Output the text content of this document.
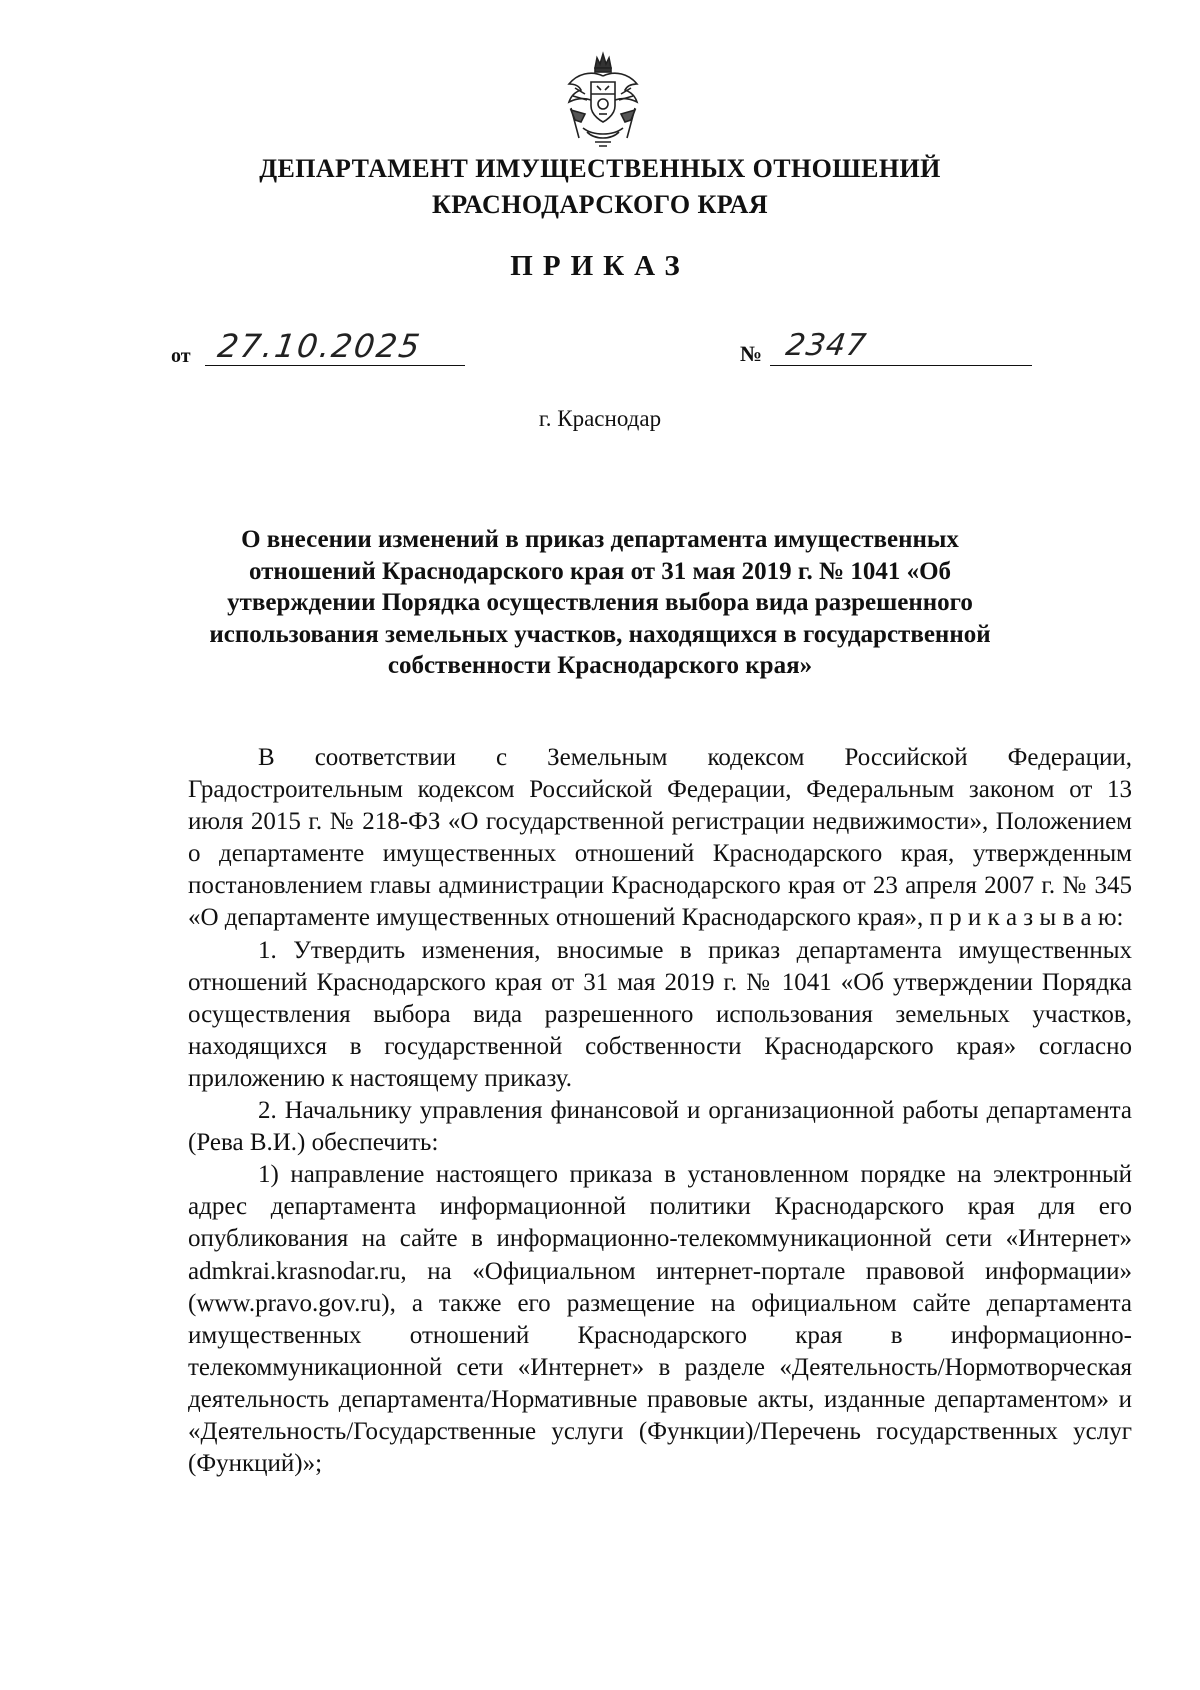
ДЕПАРТАМЕНТ ИМУЩЕСТВЕННЫХ ОТНОШЕНИЙ
КРАСНОДАРСКОГО КРАЯ
ПРИКАЗ
от 27.10.2025	№ 2347
г. Краснодар
О внесении изменений в приказ департамента имущественных отношений Краснодарского края от 31 мая 2019 г. № 1041 «Об утверждении Порядка осуществления выбора вида разрешенного использования земельных участков, находящихся в государственной собственности Краснодарского края»

В соответствии с Земельным кодексом Российской Федерации, Градостроительным кодексом Российской Федерации, Федеральным законом от 13 июля 2015 г. № 218-ФЗ «О государственной регистрации недвижимости», Положением о департаменте имущественных отношений Краснодарского края, утвержденным постановлением главы администрации Краснодарского края от 23 апреля 2007 г. № 345 «О департаменте имущественных отношений Краснодарского края», п р и к а з ы в а ю:

1. Утвердить изменения, вносимые в приказ департамента имущественных отношений Краснодарского края от 31 мая 2019 г. № 1041 «Об утверждении Порядка осуществления выбора вида разрешенного использования земельных участков, находящихся в государственной собственности Краснодарского края» согласно приложению к настоящему приказу.

2. Начальнику управления финансовой и организационной работы департамента (Рева В.И.) обеспечить:

1) направление настоящего приказа в установленном порядке на электронный адрес департамента информационной политики Краснодарского края для его опубликования на сайте в информационно-телекоммуникационной сети «Интернет» admkrai.krasnodar.ru, на «Официальном интернет-портале правовой информации» (www.pravo.gov.ru), а также его размещение на официальном сайте департамента имущественных отношений Краснодарского края в информационно-телекоммуникационной сети «Интернет» в разделе «Деятельность/Нормотворческая деятельность департамента/Нормативные правовые акты, изданные департаментом» и «Деятельность/Государственные услуги (Функции)/Перечень государственных услуг (Функций)»;
